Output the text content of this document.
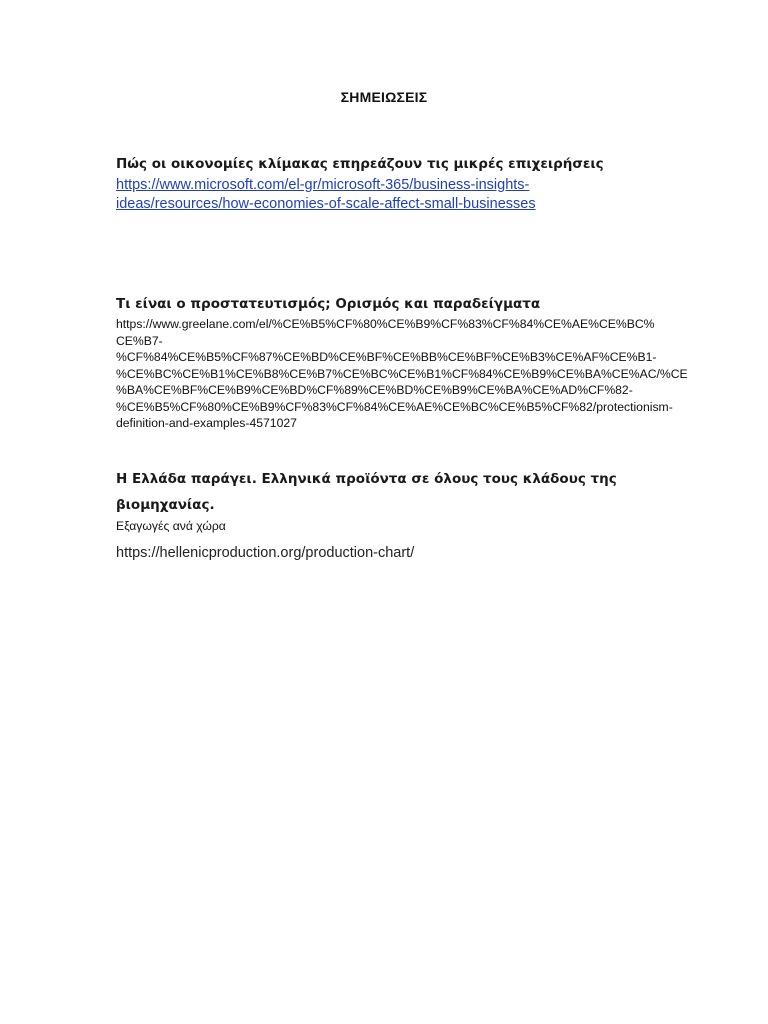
ΣΗΜΕΙΩΣΕΙΣ
Πώς οι οικονομίες κλίμακας επηρεάζουν τις μικρές επιχειρήσεις
https://www.microsoft.com/el-gr/microsoft-365/business-insights-
ideas/resources/how-economies-of-scale-affect-small-businesses
Τι είναι ο προστατευτισμός; Ορισμός και παραδείγματα
https://www.greelane.com/el/%CE%B5%CF%80%CE%B9%CF%83%CF%84%CE%AE%CE%BC%
CE%B7-
%CF%84%CE%B5%CF%87%CE%BD%CE%BF%CE%BB%CE%BF%CE%B3%CE%AF%CE%B1-
%CE%BC%CE%B1%CE%B8%CE%B7%CE%BC%CE%B1%CF%84%CE%B9%CE%BA%CE%AC/%CE
%BA%CE%BF%CE%B9%CE%BD%CF%89%CE%BD%CE%B9%CE%BA%CE%AD%CF%82-
%CE%B5%CF%80%CE%B9%CF%83%CF%84%CE%AE%CE%BC%CE%B5%CF%82/protectionism-
definition-and-examples-4571027
Η Ελλάδα παράγει. Ελληνικά προϊόντα σε όλους τους κλάδους της
βιομηχανίας.
Εξαγωγές ανά χώρα
https://hellenicproduction.org/production-chart/
